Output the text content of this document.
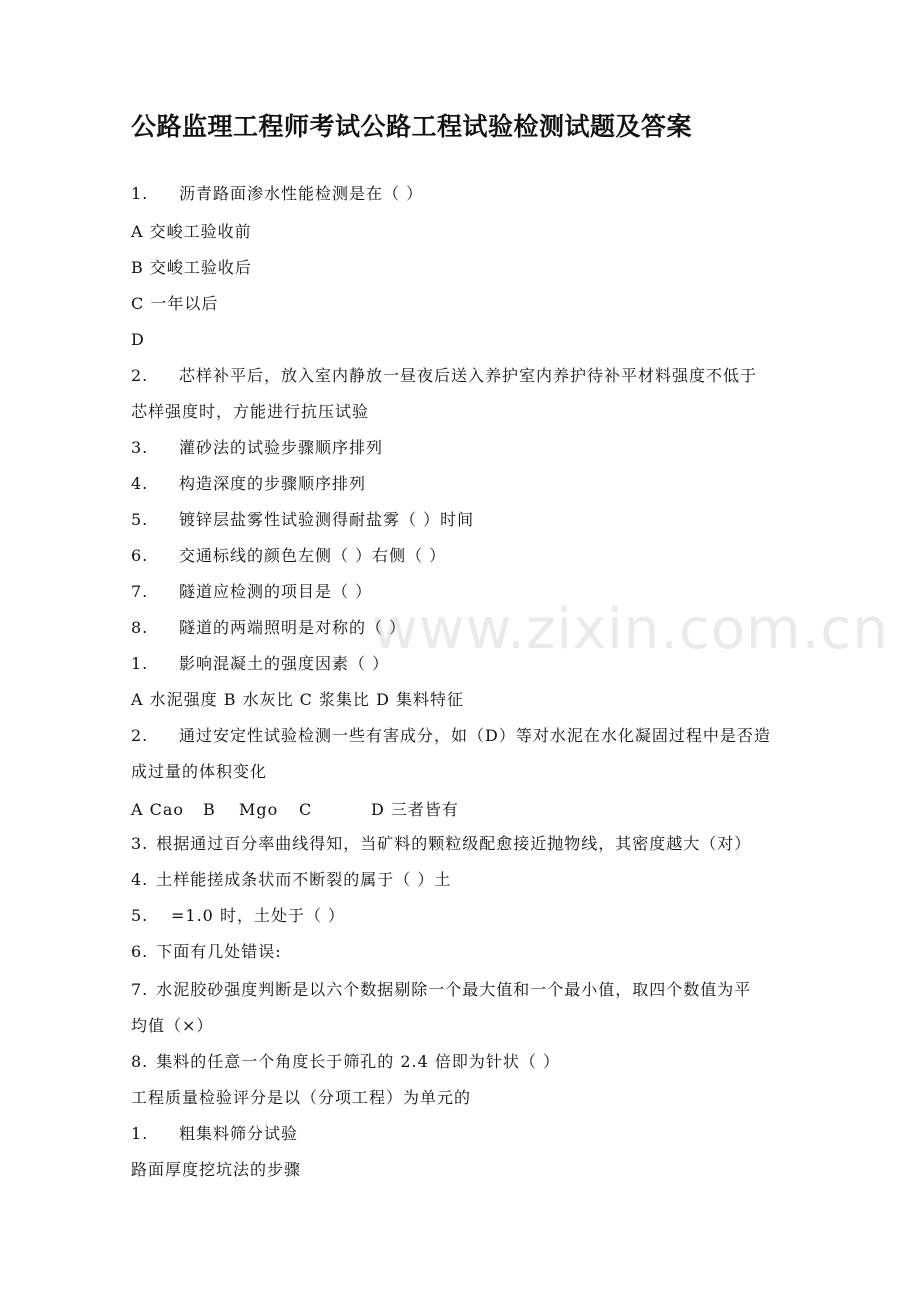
www.zixin.com.cn
公路监理工程师考试公路工程试验检测试题及答案
1. 沥青路面渗水性能检测是在（ ）
A 交峻工验收前
B 交峻工验收后
C 一年以后
D
2. 芯样补平后，放入室内静放一昼夜后送入养护室内养护待补平材料强度不低于
芯样强度时，方能进行抗压试验
3. 灌砂法的试验步骤顺序排列
4. 构造深度的步骤顺序排列
5. 镀锌层盐雾性试验测得耐盐雾（ ）时间
6. 交通标线的颜色左侧（ ）右侧（ ）
7. 隧道应检测的项目是（ ）
8. 隧道的两端照明是对称的（ ）
1. 影响混凝土的强度因素（ ）
A 水泥强度 B 水灰比 C 浆集比 D 集料特征
2. 通过安定性试验检测一些有害成分，如（D）等对水泥在水化凝固过程中是否造
成过量的体积变化
A Cao B Mgo C	D 三者皆有
3. 根据通过百分率曲线得知，当矿料的颗粒级配愈接近抛物线，其密度越大（对）
4. 土样能搓成条状而不断裂的属于（ ）土
5. =1.0 时，土处于（ ）
6. 下面有几处错误:
7. 水泥胶砂强度判断是以六个数据剔除一个最大值和一个最小值，取四个数值为平
均值（×）
8. 集料的任意一个角度长于筛孔的 2.4 倍即为针状（ ）
工程质量检验评分是以（分项工程）为单元的
1. 粗集料筛分试验
路面厚度挖坑法的步骤
